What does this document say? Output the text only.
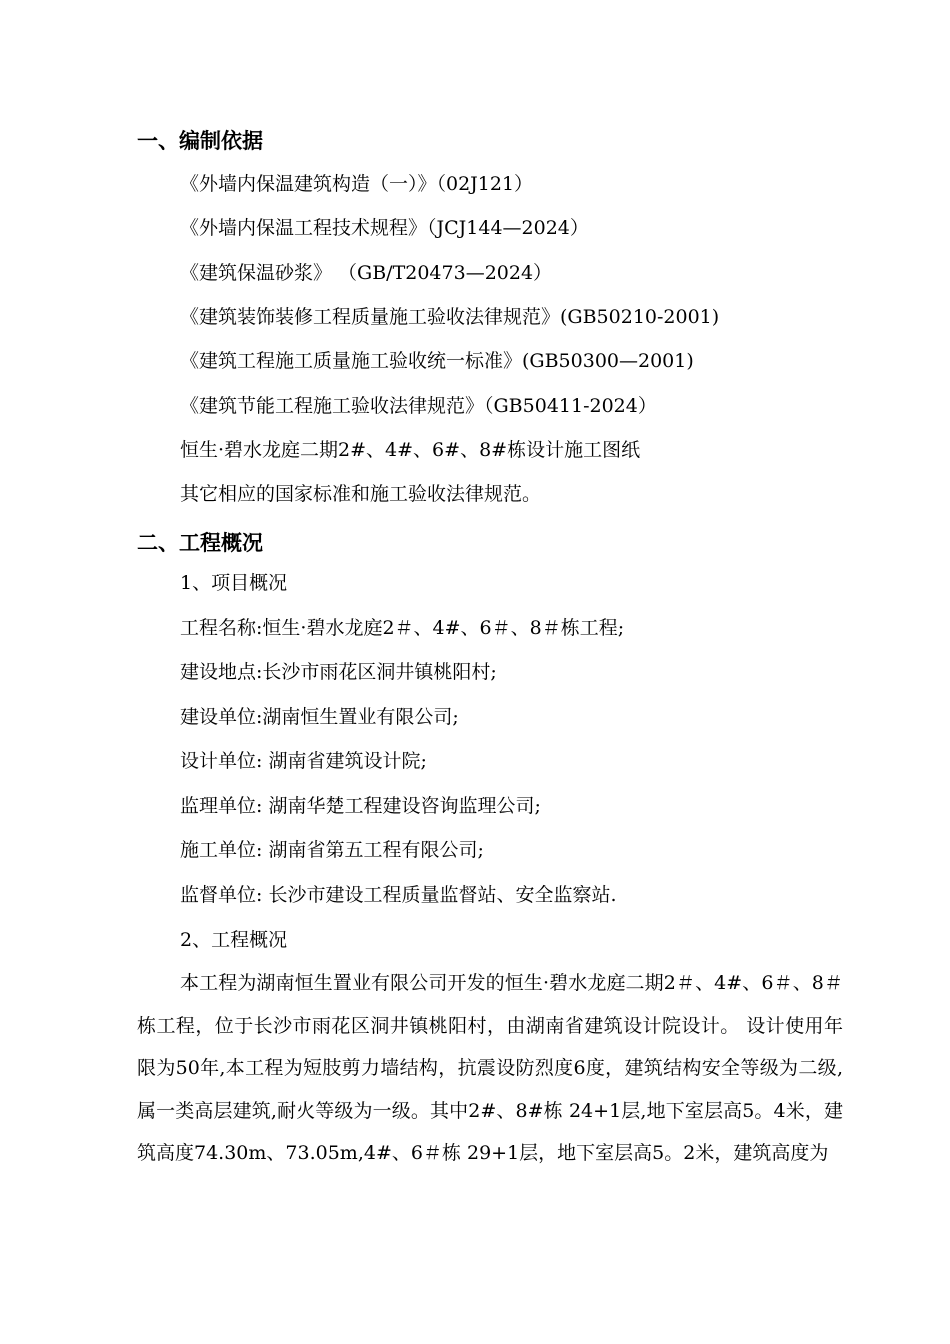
一、编制依据
《外墙内保温建筑构造（一）》（02J121）
《外墙内保温工程技术规程》（JCJ144—2024）
《建筑保温砂浆》 （GB/T20473—2024）
《建筑装饰装修工程质量施工验收法律规范》(GB50210-2001)
《建筑工程施工质量施工验收统一标准》(GB50300—2001)
《建筑节能工程施工验收法律规范》（GB50411-2024）
恒生·碧水龙庭二期2#、4#、6#、8#栋设计施工图纸
其它相应的国家标准和施工验收法律规范。
二、工程概况
1、项目概况
工程名称:恒生·碧水龙庭2＃、4#、6＃、8＃栋工程;
建设地点:长沙市雨花区洞井镇桃阳村;
建设单位:湖南恒生置业有限公司;
设计单位: 湖南省建筑设计院;
监理单位: 湖南华楚工程建设咨询监理公司;
施工单位: 湖南省第五工程有限公司;
监督单位: 长沙市建设工程质量监督站、安全监察站.
2、工程概况
本工程为湖南恒生置业有限公司开发的恒生·碧水龙庭二期2＃、4#、6＃、8＃栋工程，位于长沙市雨花区洞井镇桃阳村，由湖南省建筑设计院设计。 设计使用年限为50年,本工程为短肢剪力墙结构，抗震设防烈度6度，建筑结构安全等级为二级,属一类高层建筑,耐火等级为一级。其中2#、8#栋 24+1层,地下室层高5。4米，建筑高度74.30m、73.05m,4#、6＃栋 29+1层，地下室层高5。2米，建筑高度为
